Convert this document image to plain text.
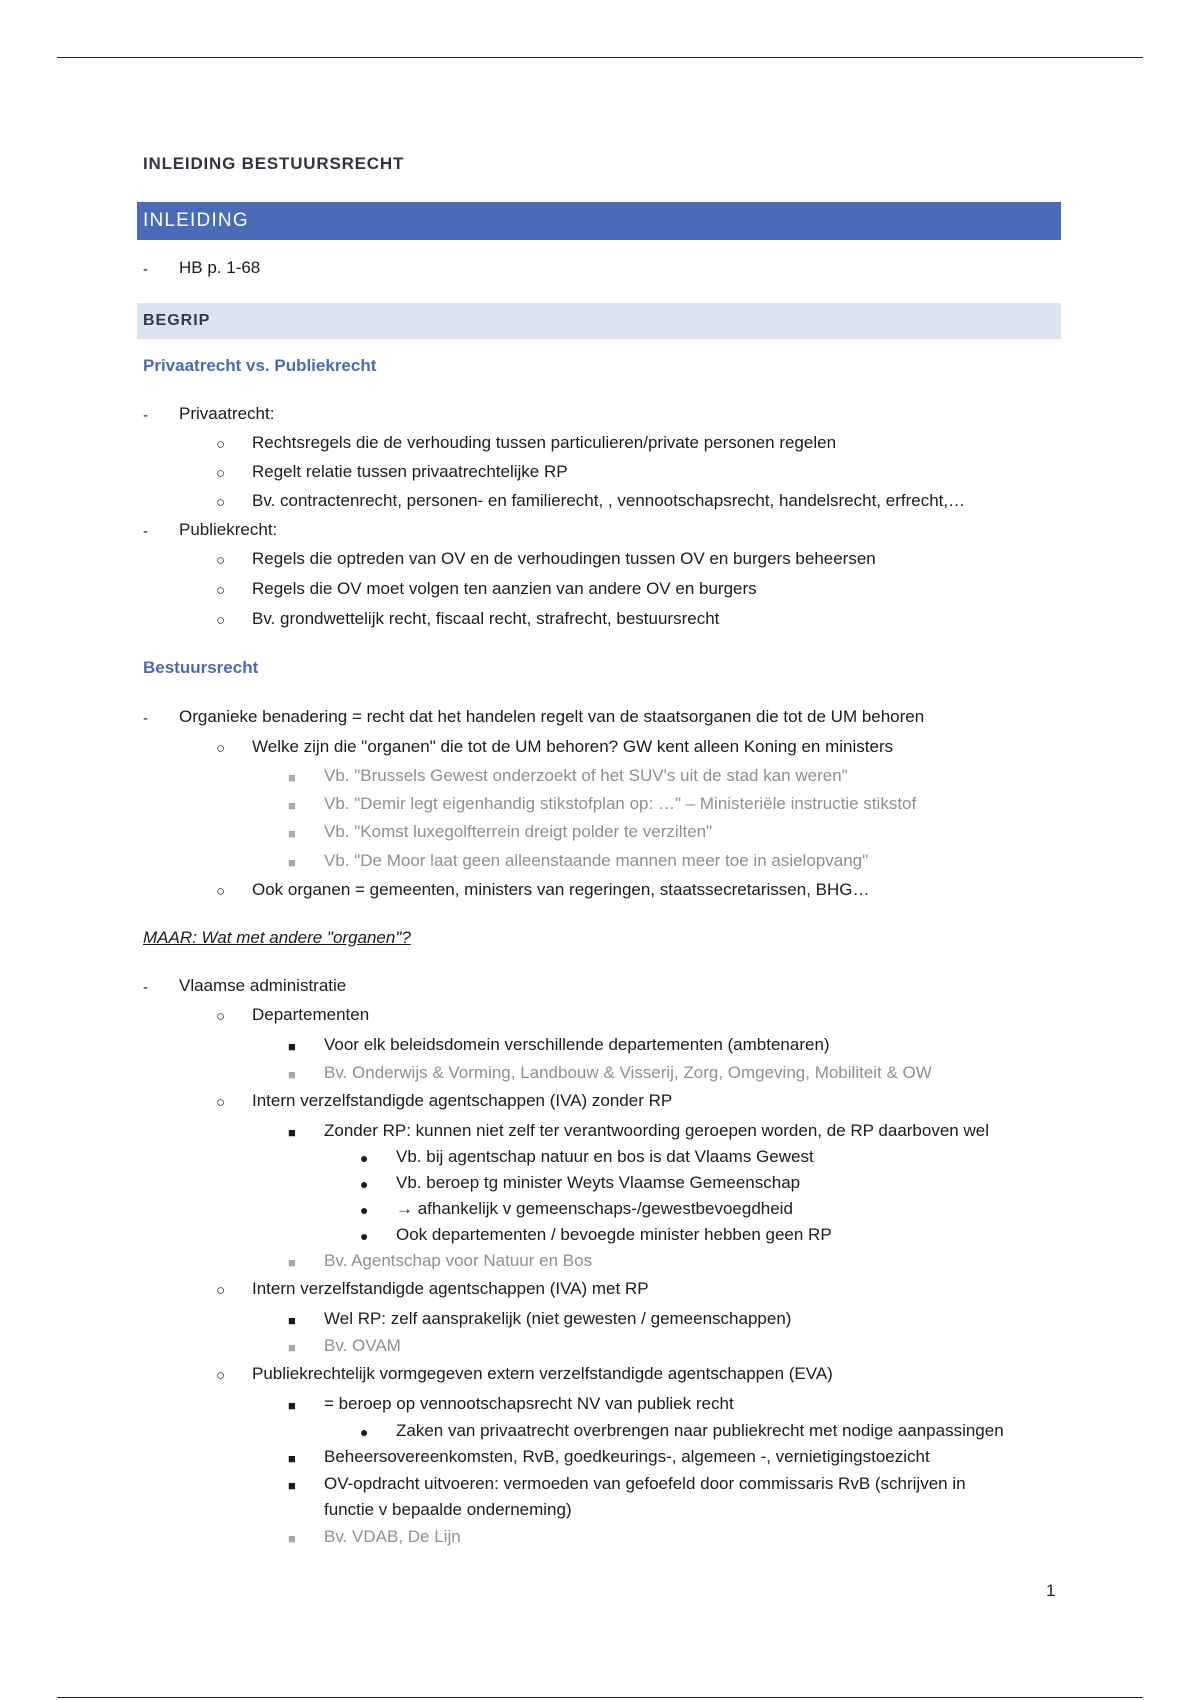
INLEIDING BESTUURSRECHT
INLEIDING
- HB p. 1-68
BEGRIP
Privaatrecht vs. Publiekrecht
- Privaatrecht:
○ Rechtsregels die de verhouding tussen particulieren/private personen regelen
○ Regelt relatie tussen privaatrechtelijke RP
○ Bv. contractenrecht, personen- en familierecht, , vennootschapsrecht, handelsrecht, erfrecht,…
- Publiekrecht:
○ Regels die optreden van OV en de verhoudingen tussen OV en burgers beheersen
○ Regels die OV moet volgen ten aanzien van andere OV en burgers
○ Bv. grondwettelijk recht, fiscaal recht, strafrecht, bestuursrecht
Bestuursrecht
- Organieke benadering = recht dat het handelen regelt van de staatsorganen die tot de UM behoren
○ Welke zijn die "organen" die tot de UM behoren? GW kent alleen Koning en ministers
■ Vb. "Brussels Gewest onderzoekt of het SUV's uit de stad kan weren"
■ Vb. "Demir legt eigenhandig stikstofplan op: …" – Ministeriële instructie stikstof
■ Vb. "Komst luxegolfterrein dreigt polder te verzilten"
■ Vb. "De Moor laat geen alleenstaande mannen meer toe in asielopvang"
○ Ook organen = gemeenten, ministers van regeringen, staatssecretarissen, BHG…
MAAR: Wat met andere "organen"?
- Vlaamse administratie
○ Departementen
■ Voor elk beleidsdomein verschillende departementen (ambtenaren)
■ Bv. Onderwijs & Vorming, Landbouw & Visserij, Zorg, Omgeving, Mobiliteit & OW
○ Intern verzelfstandigde agentschappen (IVA) zonder RP
■ Zonder RP: kunnen niet zelf ter verantwoording geroepen worden, de RP daarboven wel
● Vb. bij agentschap natuur en bos is dat Vlaams Gewest
● Vb. beroep tg minister Weyts Vlaamse Gemeenschap
● → afhankelijk v gemeenschaps-/gewestbevoegdheid
● Ook departementen / bevoegde minister hebben geen RP
■ Bv. Agentschap voor Natuur en Bos
○ Intern verzelfstandigde agentschappen (IVA) met RP
■ Wel RP: zelf aansprakelijk (niet gewesten / gemeenschappen)
■ Bv. OVAM
○ Publiekrechtelijk vormgegeven extern verzelfstandigde agentschappen (EVA)
■ = beroep op vennootschapsrecht NV van publiek recht
● Zaken van privaatrecht overbrengen naar publiekrecht met nodige aanpassingen
■ Beheersovereenkomsten, RvB, goedkeurings-, algemeen -, vernietigingstoezicht
■ OV-opdracht uitvoeren: vermoeden van gefoefeld door commissaris RvB (schrijven in
functie v bepaalde onderneming)
■ Bv. VDAB, De Lijn
1
